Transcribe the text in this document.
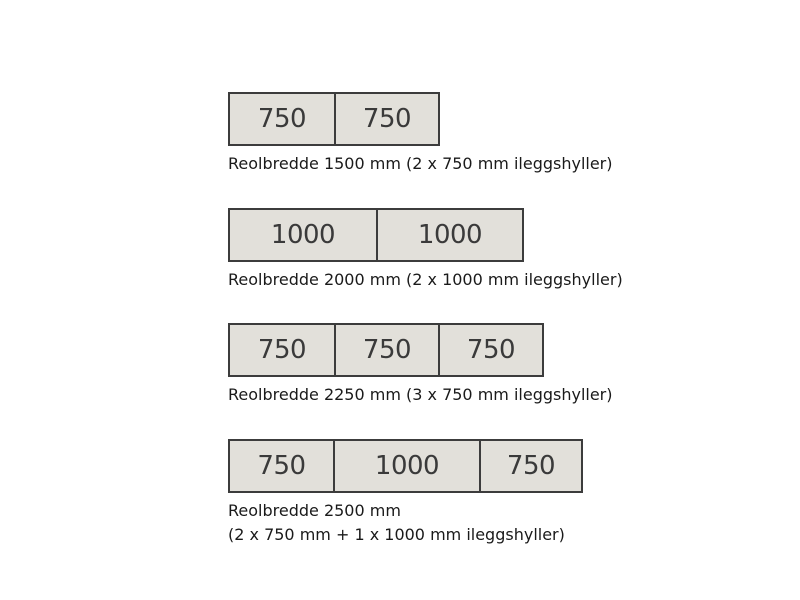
750	750
Reolbredde 1500 mm (2 x 750 mm ileggshyller)
1000	1000
Reolbredde 2000 mm (2 x 1000 mm ileggshyller)
750	750	750
Reolbredde 2250 mm (3 x 750 mm ileggshyller)
750	1000	750
Reolbredde 2500 mm
(2 x 750 mm + 1 x 1000 mm ileggshyller)
